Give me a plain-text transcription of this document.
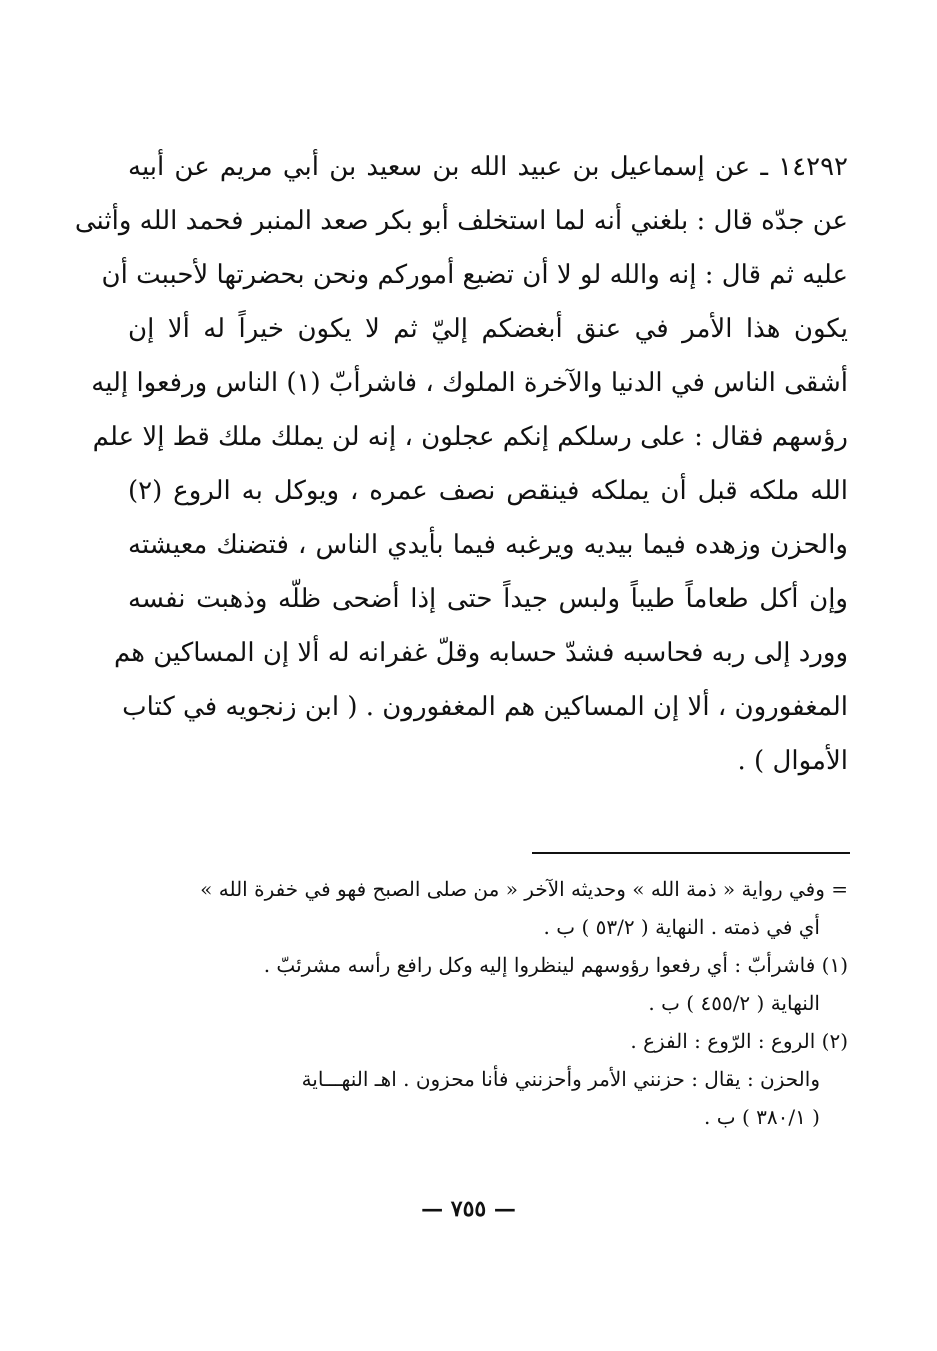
١٤٢٩٢ ـ عن إسماعيل بن عبيد الله بن سعيد بن أبي مريم عن أبيه
عن جدّه قال : بلغني أنه لما استخلف أبو بكر صعد المنبر فحمد الله وأثنى
عليه ثم قال : إنه والله لو لا أن تضيع أموركم ونحن بحضرتها لأحببت أن
يكون هذا الأمر في عنق أبغضكم إليّ ثم لا يكون خيراً له ألا إن
أشقى الناس في الدنيا والآخرة الملوك ، فاشرأبّ (١) الناس ورفعوا إليه
رؤسهم فقال : على رسلكم إنكم عجلون ، إنه لن يملك ملك قط إلا علم
الله ملكه قبل أن يملكه فينقص نصف عمره ، ويوكل به الروع (٢)
والحزن وزهده فيما بيديه ويرغبه فيما بأيدي الناس ، فتضنك معيشته
وإن أكل طعاماً طيباً ولبس جيداً حتى إذا أضحى ظلّه وذهبت نفسه
وورد إلى ربه فحاسبه فشدّ حسابه وقلّ غفرانه له ألا إن المساكين هم
المغفورون ، ألا إن المساكين هم المغفورون . ( ابن زنجويه في كتاب
الأموال ) .
= وفي رواية « ذمة الله » وحديثه الآخر « من صلى الصبح فهو في خفرة الله »
أي في ذمته . النهاية ( ٥٣/٢ ) ب .
(١) فاشرأبّ : أي رفعوا رؤوسهم لينظروا إليه وكل رافع رأسه مشرئبّ .
النهاية ( ٤٥٥/٢ ) ب .
(٢) الروع : الرّوع : الفزع .
والحزن : يقال : حزنني الأمر وأحزنني فأنا محزون . اهـ النهـــاية
( ٣٨٠/١ ) ب .
— ٧٥٥ —
